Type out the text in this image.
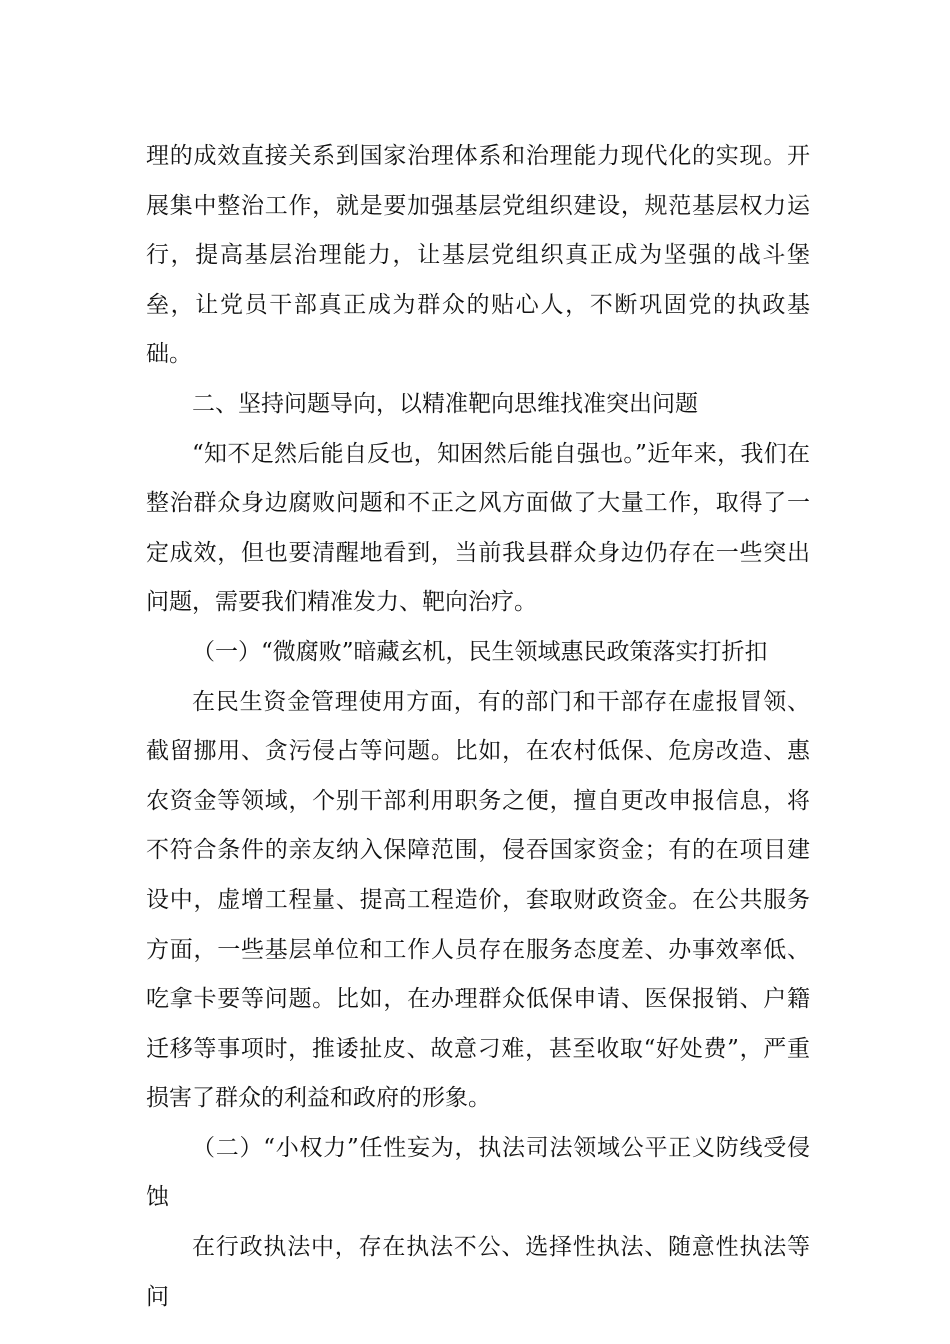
理的成效直接关系到国家治理体系和治理能力现代化的实现。开展集中整治工作，就是要加强基层党组织建设，规范基层权力运行，提高基层治理能力，让基层党组织真正成为坚强的战斗堡垒，让党员干部真正成为群众的贴心人，不断巩固党的执政基础。

二、坚持问题导向，以精准靶向思维找准突出问题

“知不足然后能自反也，知困然后能自强也。”近年来，我们在整治群众身边腐败问题和不正之风方面做了大量工作，取得了一定成效，但也要清醒地看到，当前我县群众身边仍存在一些突出问题，需要我们精准发力、靶向治疗。

（一）“微腐败”暗藏玄机，民生领域惠民政策落实打折扣

在民生资金管理使用方面，有的部门和干部存在虚报冒领、截留挪用、贪污侵占等问题。比如，在农村低保、危房改造、惠农资金等领域，个别干部利用职务之便，擅自更改申报信息，将不符合条件的亲友纳入保障范围，侵吞国家资金；有的在项目建设中，虚增工程量、提高工程造价，套取财政资金。在公共服务方面，一些基层单位和工作人员存在服务态度差、办事效率低、吃拿卡要等问题。比如，在办理群众低保申请、医保报销、户籍迁移等事项时，推诿扯皮、故意刁难，甚至收取“好处费”，严重损害了群众的利益和政府的形象。

（二）“小权力”任性妄为，执法司法领域公平正义防线受侵蚀

在行政执法中，存在执法不公、选择性执法、随意性执法等问
